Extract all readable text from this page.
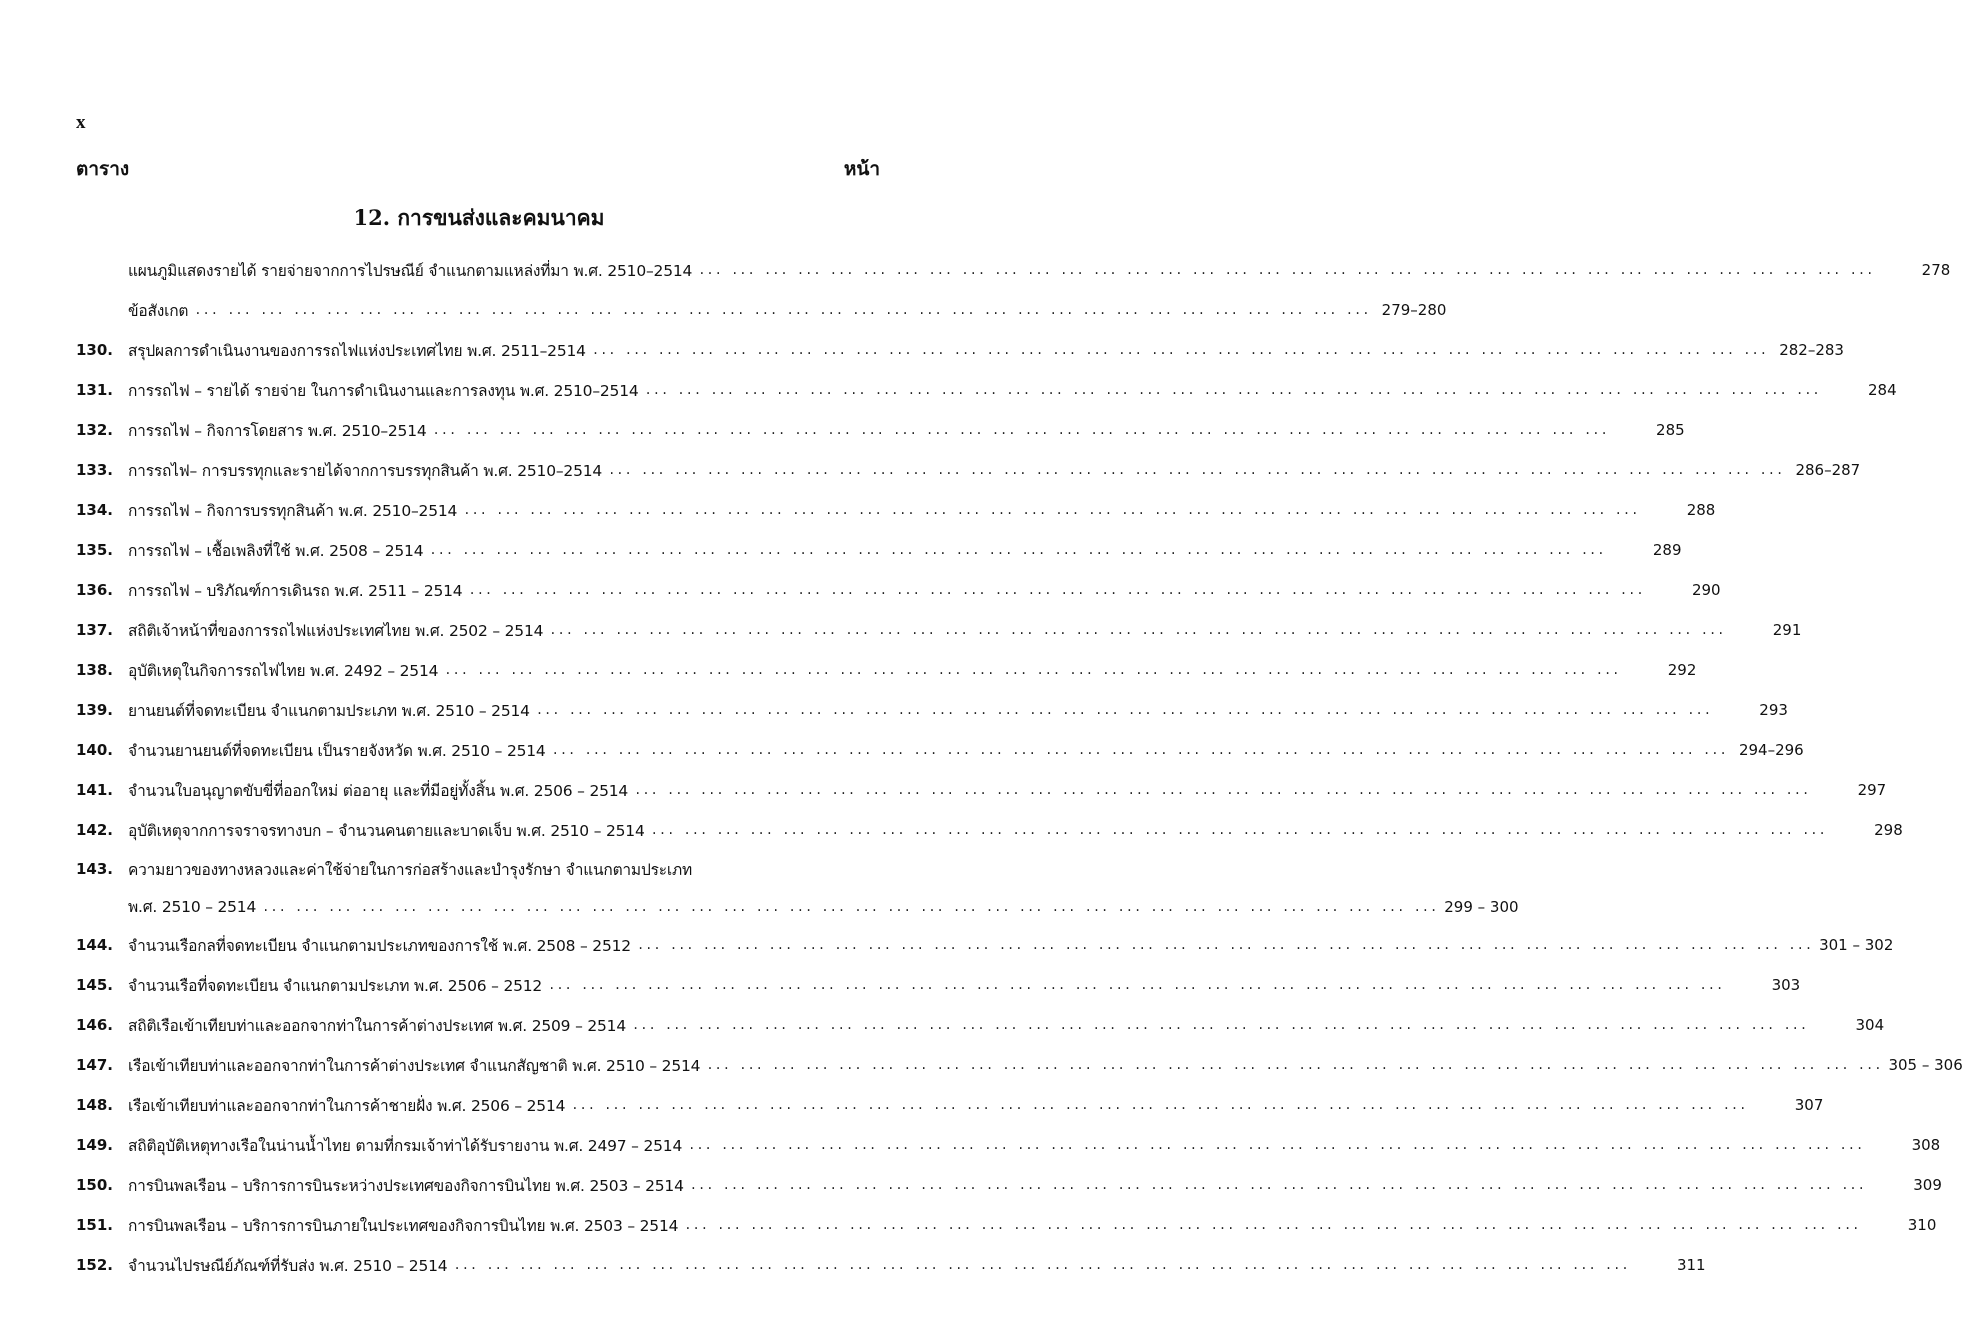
x
ตาราง	หน้า
12. การขนส่งและคมนาคม
แผนภูมิแสดงรายได้ รายจ่ายจากการไปรษณีย์ จำแนกตามแหล่งที่มา พ.ศ. 2510–2514 ... .	278
ข้อสังเกต ... .	279–280
130. สรุปผลการดำเนินงานของการรถไฟแห่งประเทศไทย พ.ศ. 2511–2514 ... .	282–283
131. การรถไฟ – รายได้ รายจ่าย ในการดำเนินงานและการลงทุน พ.ศ. 2510–2514 ... .	284
132. การรถไฟ – กิจการโดยสาร พ.ศ. 2510–2514 ... .	285
133. การรถไฟ– การบรรทุกและรายได้จากการบรรทุกสินค้า พ.ศ. 2510–2514 ... .	286–287
134. การรถไฟ – กิจการบรรทุกสินค้า พ.ศ. 2510–2514 ... .	288
135. การรถไฟ – เชื้อเพลิงที่ใช้ พ.ศ. 2508 – 2514 ... .	289
136. การรถไฟ – บริภัณฑ์การเดินรถ พ.ศ. 2511 – 2514 ... .	290
137. สถิติเจ้าหน้าที่ของการรถไฟแห่งประเทศไทย พ.ศ. 2502 – 2514 ... .	291
138. อุบัติเหตุในกิจการรถไฟไทย พ.ศ. 2492 – 2514 ... .	292
139. ยานยนต์ที่จดทะเบียน จำแนกตามประเภท พ.ศ. 2510 – 2514 ... .	293
140. จำนวนยานยนต์ที่จดทะเบียน เป็นรายจังหวัด พ.ศ. 2510 – 2514 ... .	294–296
141. จำนวนใบอนุญาตขับขี่ที่ออกใหม่ ต่ออายุ และที่มีอยู่ทั้งสิ้น พ.ศ. 2506 – 2514 ... .	297
142. อุบัติเหตุจากการจราจรทางบก – จำนวนคนตายและบาดเจ็บ พ.ศ. 2510 – 2514 ... .	298
143. ความยาวของทางหลวงและค่าใช้จ่ายในการก่อสร้างและบำรุงรักษา จำแนกตามประเภท
พ.ศ. 2510 – 2514 ... .	299 – 300
144. จำนวนเรือกลที่จดทะเบียน จำแนกตามประเภทของการใช้ พ.ศ. 2508 – 2512 ... .	301 – 302
145. จำนวนเรือที่จดทะเบียน จำแนกตามประเภท พ.ศ. 2506 – 2512 ... .	303
146. สถิติเรือเข้าเทียบท่าและออกจากท่าในการค้าต่างประเทศ พ.ศ. 2509 – 2514 ... .	304
147. เรือเข้าเทียบท่าและออกจากท่าในการค้าต่างประเทศ จำแนกสัญชาติ พ.ศ. 2510 – 2514 ... .	305 – 306
148. เรือเข้าเทียบท่าและออกจากท่าในการค้าชายฝั่ง พ.ศ. 2506 – 2514 ... .	307
149. สถิติอุบัติเหตุทางเรือในน่านน้ำไทย ตามที่กรมเจ้าท่าได้รับรายงาน พ.ศ. 2497 – 2514 ... .	308
150. การบินพลเรือน – บริการการบินระหว่างประเทศของกิจการบินไทย พ.ศ. 2503 – 2514 ... .	309
151. การบินพลเรือน – บริการการบินภายในประเทศของกิจการบินไทย พ.ศ. 2503 – 2514 ... .	310
152. จำนวนไปรษณีย์ภัณฑ์ที่รับส่ง พ.ศ. 2510 – 2514 ... .	311
